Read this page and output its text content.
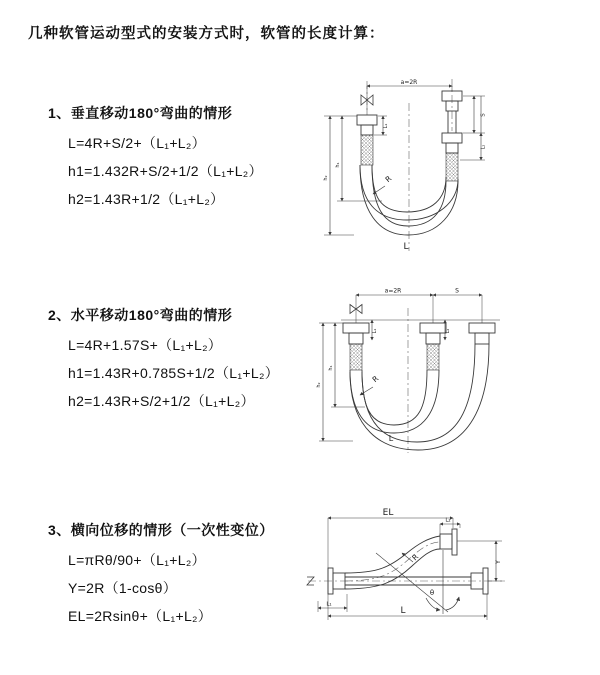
几种软管运动型式的安装方式时，软管的长度计算：
1、垂直移动180°弯曲的情形
L=4R+S/2+（L₁+L₂）
h1=1.432R+S/2+1/2（L₁+L₂）
h2=1.43R+1/2（L₁+L₂）
2、水平移动180°弯曲的情形
L=4R+1.57S+（L₁+L₂）
h1=1.43R+0.785S+1/2（L₁+L₂）
h2=1.43R+S/2+1/2（L₁+L₂）
3、横向位移的情形（一次性变位）
L=πRθ/90+（L₁+L₂）
Y=2R（1-cosθ）
EL=2Rsinθ+（L₁+L₂）
a=2R
h₂
h₁
L₁
S
L₂
R
L
a=2R	S
h₂
h₁
L₁	L₂
R
L
EL
L₂
Y
R
θ
L
L₁
